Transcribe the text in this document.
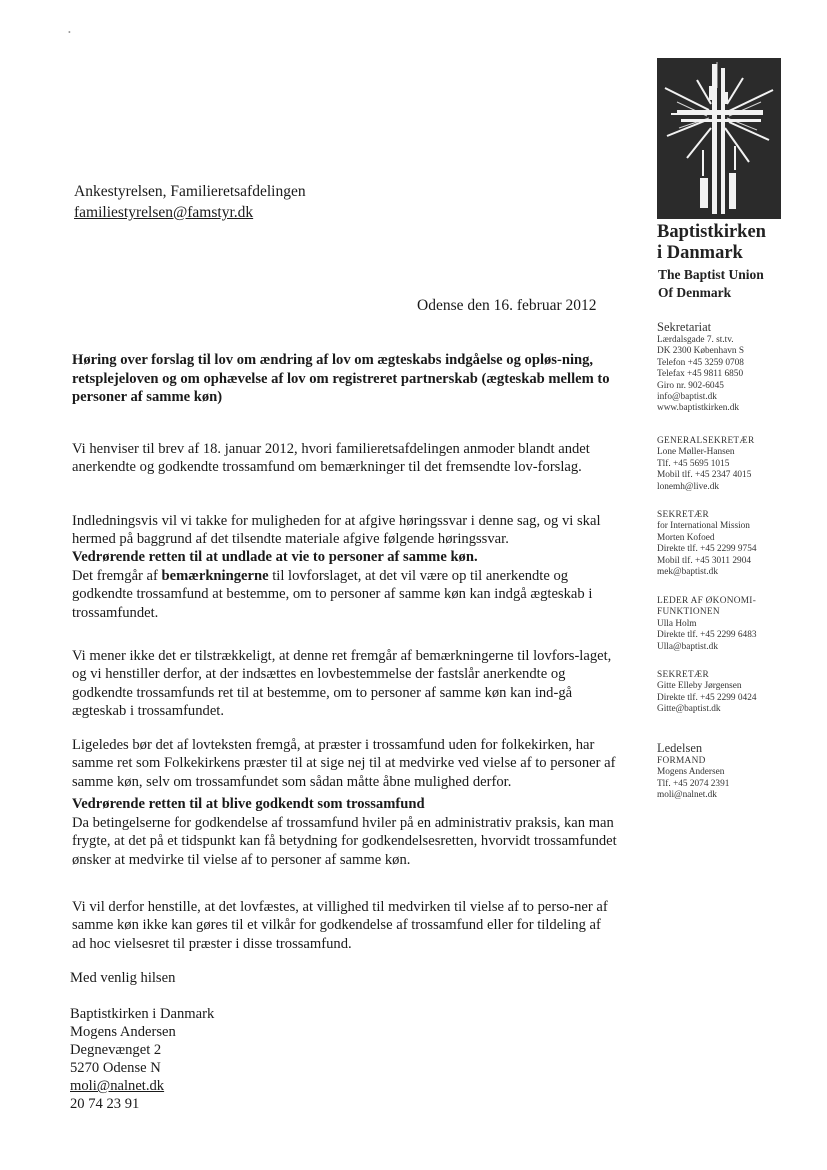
•
Ankestyrelsen, Familieretsafdelingen
familiestyrelsen@famstyr.dk
Odense den 16. februar 2012
Høring over forslag til lov om ændring af lov om ægteskabs indgåelse og opløs-ning, retsplejeloven og om ophævelse af lov om registreret partnerskab (ægteskab mellem to personer af samme køn)

Vi henviser til brev af 18. januar 2012, hvori familieretsafdelingen anmoder blandt andet anerkendte og godkendte trossamfund om bemærkninger til det fremsendte lov-forslag.

Indledningsvis vil vi takke for muligheden for at afgive høringssvar i denne sag, og vi skal hermed på baggrund af det tilsendte materiale afgive følgende høringssvar.

Vedrørende retten til at undlade at vie to personer af samme køn.

Det fremgår af bemærkningerne til lovforslaget, at det vil være op til anerkendte og godkendte trossamfund at bestemme, om to personer af samme køn kan indgå ægteskab i trossamfundet.

Vi mener ikke det er tilstrækkeligt, at denne ret fremgår af bemærkningerne til lovfors-laget, og vi henstiller derfor, at der indsættes en lovbestemmelse der fastslår anerkendte og godkendte trossamfunds ret til at bestemme, om to personer af samme køn kan ind-gå ægteskab i trossamfundet.

Ligeledes bør det af lovteksten fremgå, at præster i trossamfund uden for folkekirken, har samme ret som Folkekirkens præster til at sige nej til at medvirke ved vielse af to personer af samme køn, selv om trossamfundet som sådan måtte åbne mulighed derfor.

Vedrørende retten til at blive godkendt som trossamfund

Da betingelserne for godkendelse af trossamfund hviler på en administrativ praksis, kan man frygte, at det på et tidspunkt kan få betydning for godkendelsesretten, hvorvidt trossamfundet ønsker at medvirke til vielse af to personer af samme køn.

Vi vil derfor henstille, at det lovfæstes, at villighed til medvirken til vielse af to perso-ner af samme køn ikke kan gøres til et vilkår for godkendelse af trossamfund eller for tildeling af ad hoc vielsesret til præster i disse trossamfund.

Med venlig hilsen
Baptistkirken i Danmark
Mogens Andersen
Degnevænget 2
5270 Odense N
moli@nalnet.dk
20 74 23 91
Baptistkirken
i Danmark
The Baptist Union
Of Denmark
Sekretariat
Lærdalsgade 7. st.tv.
DK 2300 København S
Telefon +45 3259 0708
Telefax +45 9811 6850
Giro nr. 902-6045
info@baptist.dk
www.baptistkirken.dk
GENERALSEKRETÆR
Lone Møller-Hansen
Tlf. +45 5695 1015
Mobil tlf. +45 2347 4015
lonemh@live.dk
SEKRETÆR
for International Mission
Morten Kofoed
Direkte tlf. +45 2299 9754
Mobil tlf. +45 3011 2904
mek@baptist.dk
LEDER AF ØKONOMI-
FUNKTIONEN
Ulla Holm
Direkte tlf. +45 2299 6483
Ulla@baptist.dk
SEKRETÆR
Gitte Elleby Jørgensen
Direkte tlf. +45 2299 0424
Gitte@baptist.dk
Ledelsen
FORMAND
Mogens Andersen
Tlf. +45 2074 2391
moli@nalnet.dk
